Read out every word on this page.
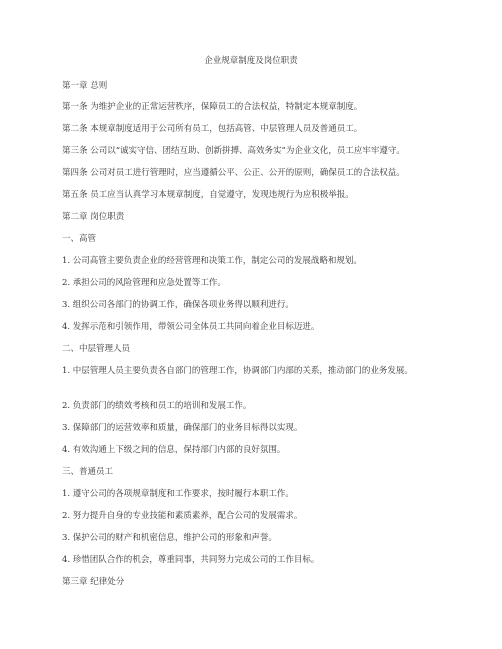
企业规章制度及岗位职责
第一章 总则
第一条 为维护企业的正常运营秩序，保障员工的合法权益，特制定本规章制度。
第二条 本规章制度适用于公司所有员工，包括高管、中层管理人员及普通员工。
第三条 公司以“诚实守信、团结互助、创新拼搏、高效务实”为企业文化，员工应牢牢遵守。
第四条 公司对员工进行管理时，应当遵循公平、公正、公开的原则，确保员工的合法权益。
第五条 员工应当认真学习本规章制度，自觉遵守，发现违规行为应积极举报。
第二章 岗位职责
一、高管
1. 公司高管主要负责企业的经营管理和决策工作，制定公司的发展战略和规划。
2. 承担公司的风险管理和应急处置等工作。
3. 组织公司各部门的协调工作，确保各项业务得以顺利进行。
4. 发挥示范和引领作用，带领公司全体员工共同向着企业目标迈进。
二、中层管理人员
1. 中层管理人员主要负责各自部门的管理工作，协调部门内部的关系，推动部门的业务发展。
2. 负责部门的绩效考核和员工的培训和发展工作。
3. 保障部门的运营效率和质量，确保部门的业务目标得以实现。
4. 有效沟通上下级之间的信息，保持部门内部的良好氛围。
三、普通员工
1. 遵守公司的各项规章制度和工作要求，按时履行本职工作。
2. 努力提升自身的专业技能和素质素养，配合公司的发展需求。
3. 保护公司的财产和机密信息，维护公司的形象和声誉。
4. 珍惜团队合作的机会，尊重同事，共同努力完成公司的工作目标。
第三章 纪律处分
